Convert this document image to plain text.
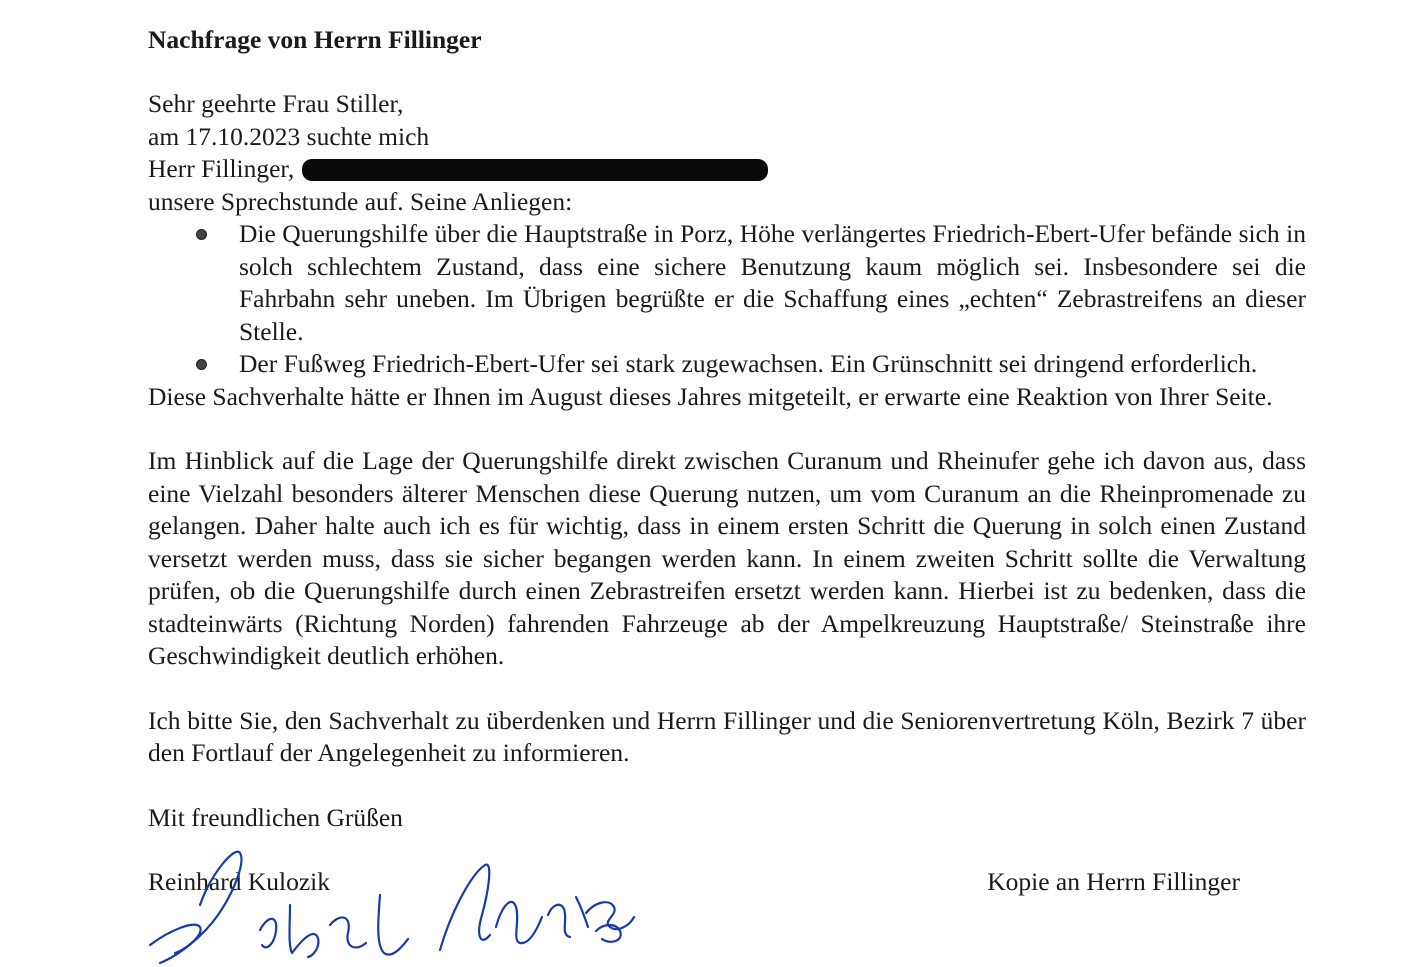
Nachfrage von Herrn Fillinger
Sehr geehrte Frau Stiller,
am 17.10.2023 suchte mich
Herr Fillinger,
unsere Sprechstunde auf. Seine Anliegen:
Die Querungshilfe über die Hauptstraße in Porz, Höhe verlängertes Friedrich-Ebert-Ufer befände sich in solch schlechtem Zustand, dass eine sichere Benutzung kaum möglich sei. Insbesondere sei die Fahrbahn sehr uneben. Im Übrigen begrüßte er die Schaffung eines „echten“ Zebrastreifens an dieser Stelle.
Der Fußweg Friedrich-Ebert-Ufer sei stark zugewachsen. Ein Grünschnitt sei dringend erforderlich.

Diese Sachverhalte hätte er Ihnen im August dieses Jahres mitgeteilt, er erwarte eine Reaktion von Ihrer Seite.

Im Hinblick auf die Lage der Querungshilfe direkt zwischen Curanum und Rheinufer gehe ich davon aus, dass eine Vielzahl besonders älterer Menschen diese Querung nutzen, um vom Curanum an die Rheinpromenade zu gelangen. Daher halte auch ich es für wichtig, dass in einem ersten Schritt die Querung in solch einen Zustand versetzt werden muss, dass sie sicher begangen werden kann. In einem zweiten Schritt sollte die Verwaltung prüfen, ob die Querungshilfe durch einen Zebrastreifen ersetzt werden kann. Hierbei ist zu bedenken, dass die stadteinwärts (Richtung Norden) fahrenden Fahrzeuge ab der Ampelkreuzung Hauptstraße/ Steinstraße ihre Geschwindigkeit deutlich erhöhen.

Ich bitte Sie, den Sachverhalt zu überdenken und Herrn Fillinger und die Seniorenvertretung Köln, Bezirk 7 über den Fortlauf der Angelegenheit zu informieren.

Mit freundlichen Grüßen
Reinhard Kulozik	Kopie an Herrn Fillinger
